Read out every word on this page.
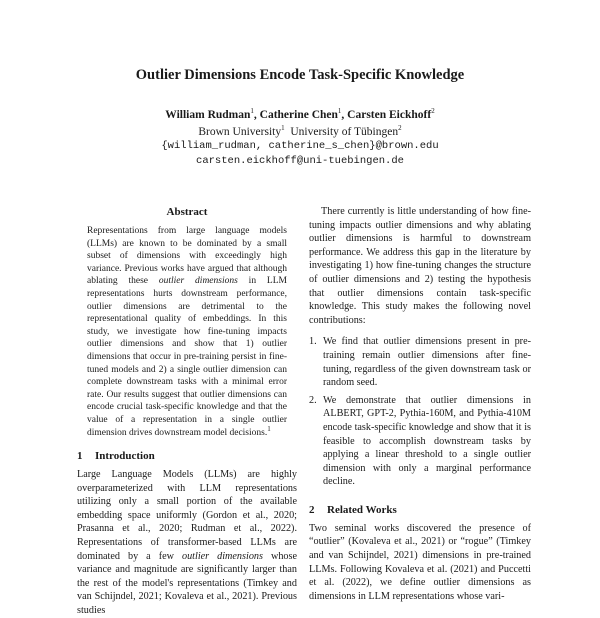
Outlier Dimensions Encode Task-Specific Knowledge
William Rudman$^1$, Catherine Chen$^1$, Carsten Eickhoff$^2$
Brown University$^1$ University of Tübingen$^2$
{william_rudman, catherine_s_chen}@brown.edu
carsten.eickhoff@uni-tuebingen.de
Abstract

Representations from large language models (LLMs) are known to be dominated by a small subset of dimensions with exceedingly high variance. Previous works have argued that although ablating these outlier dimensions in LLM representations hurts downstream performance, outlier dimensions are detrimental to the representational quality of embeddings. In this study, we investigate how fine-tuning impacts outlier dimensions and show that 1) outlier dimensions that occur in pre-training persist in fine-tuned models and 2) a single outlier dimension can complete downstream tasks with a minimal error rate. Our results suggest that outlier dimensions can encode crucial task-specific knowledge and that the value of a representation in a single outlier dimension drives downstream model decisions.$^1$

1 Introduction

Large Language Models (LLMs) are highly overparameterized with LLM representations utilizing only a small portion of the available embedding space uniformly (Gordon et al., 2020; Prasanna et al., 2020; Rudman et al., 2022). Representations of transformer-based LLMs are dominated by a few outlier dimensions whose variance and magnitude are significantly larger than the rest of the model's representations (Timkey and van Schijndel, 2021; Kovaleva et al., 2021). Previous studies

There currently is little understanding of how fine-tuning impacts outlier dimensions and why ablating outlier dimensions is harmful to downstream performance. We address this gap in the literature by investigating 1) how fine-tuning changes the structure of outlier dimensions and 2) testing the hypothesis that outlier dimensions contain task-specific knowledge. This study makes the following novel contributions:

1. We find that outlier dimensions present in pre-training remain outlier dimensions after fine-tuning, regardless of the given downstream task or random seed.
2. We demonstrate that outlier dimensions in ALBERT, GPT-2, Pythia-160M, and Pythia-410M encode task-specific knowledge and show that it is feasible to accomplish downstream tasks by applying a linear threshold to a single outlier dimension with only a marginal performance decline.
2 Related Works

Two seminal works discovered the presence of “outlier” (Kovaleva et al., 2021) or “rogue” (Timkey and van Schijndel, 2021) dimensions in pre-trained LLMs. Following Kovaleva et al. (2021) and Puccetti et al. (2022), we define outlier dimensions as dimensions in LLM representations whose vari-
